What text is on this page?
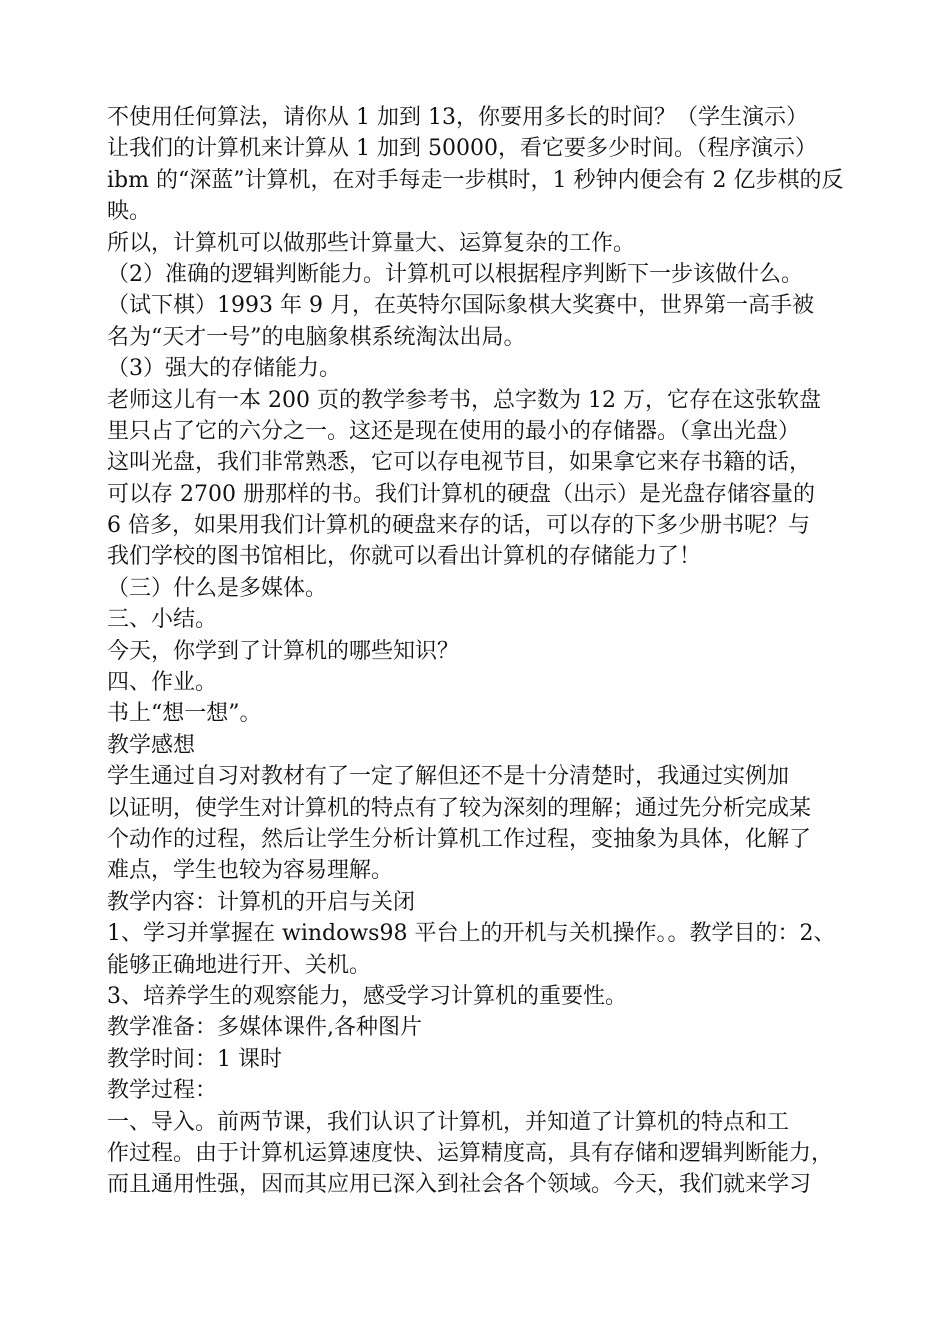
不使用任何算法，请你从 1 加到 13，你要用多长的时间？（学生演示）
让我们的计算机来计算从 1 加到 50000，看它要多少时间。（程序演示）
ibm 的“深蓝”计算机，在对手每走一步棋时，1 秒钟内便会有 2 亿步棋的反
映。
所以，计算机可以做那些计算量大、运算复杂的工作。
（2）准确的逻辑判断能力。计算机可以根据程序判断下一步该做什么。
（试下棋）1993 年 9 月，在英特尔国际象棋大奖赛中，世界第一高手被
名为“天才一号”的电脑象棋系统淘汰出局。
（3）强大的存储能力。
老师这儿有一本 200 页的教学参考书，总字数为 12 万，它存在这张软盘
里只占了它的六分之一。这还是现在使用的最小的存储器。（拿出光盘）
这叫光盘，我们非常熟悉，它可以存电视节目，如果拿它来存书籍的话，
可以存 2700 册那样的书。我们计算机的硬盘（出示）是光盘存储容量的
6 倍多，如果用我们计算机的硬盘来存的话，可以存的下多少册书呢？与
我们学校的图书馆相比，你就可以看出计算机的存储能力了！
（三）什么是多媒体。
三、小结。
今天，你学到了计算机的哪些知识？
四、作业。
书上“想一想”。
教学感想
学生通过自习对教材有了一定了解但还不是十分清楚时，我通过实例加
以证明，使学生对计算机的特点有了较为深刻的理解；通过先分析完成某
个动作的过程，然后让学生分析计算机工作过程，变抽象为具体，化解了
难点，学生也较为容易理解。
教学内容：计算机的开启与关闭
1、学习并掌握在 windows98 平台上的开机与关机操作。。教学目的：2、
能够正确地进行开、关机。
3、培养学生的观察能力，感受学习计算机的重要性。
教学准备：多媒体课件,各种图片
教学时间：1 课时
教学过程：
一、导入。前两节课，我们认识了计算机，并知道了计算机的特点和工
作过程。由于计算机运算速度快、运算精度高，具有存储和逻辑判断能力，
而且通用性强，因而其应用已深入到社会各个领域。今天，我们就来学习
